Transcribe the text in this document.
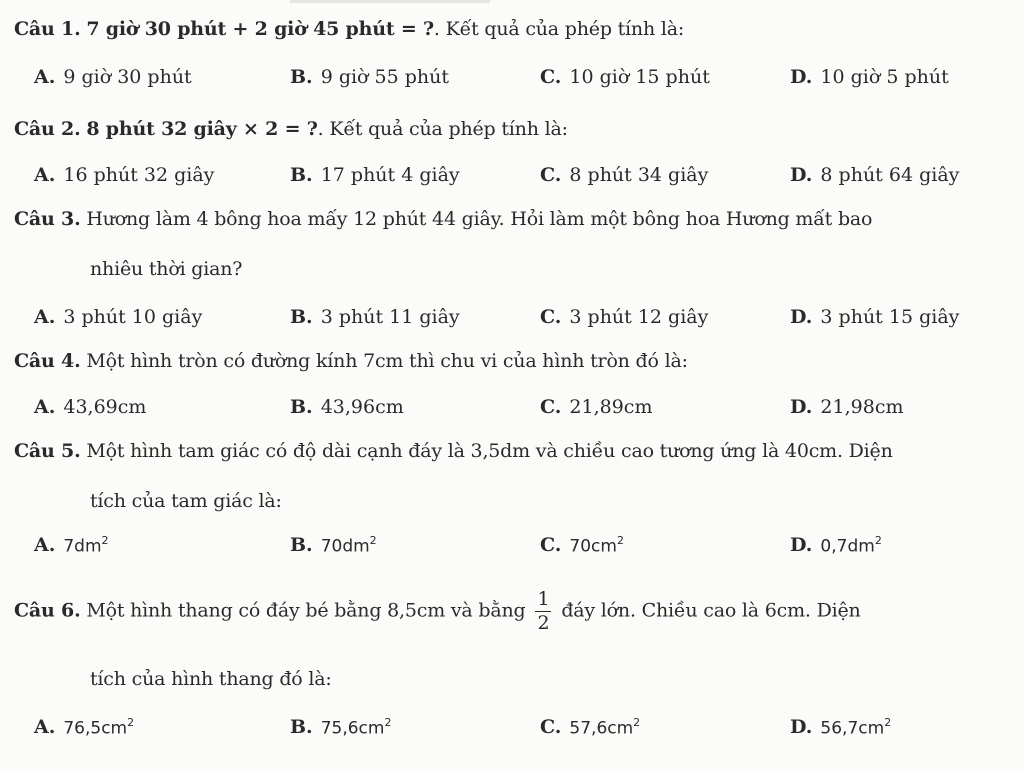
Câu 1. 7 giờ 30 phút + 2 giờ 45 phút = ?. Kết quả của phép tính là:
A. 9 giờ 30 phút	B. 9 giờ 55 phút	C. 10 giờ 15 phút	D. 10 giờ 5 phút
Câu 2. 8 phút 32 giây × 2 = ?. Kết quả của phép tính là:
A. 16 phút 32 giây	B. 17 phút 4 giây	C. 8 phút 34 giây	D. 8 phút 64 giây
Câu 3. Hương làm 4 bông hoa mấy 12 phút 44 giây. Hỏi làm một bông hoa Hương mất bao
nhiêu thời gian?
A. 3 phút 10 giây	B. 3 phút 11 giây	C. 3 phút 12 giây	D. 3 phút 15 giây
Câu 4. Một hình tròn có đường kính 7cm thì chu vi của hình tròn đó là:
A. 43,69cm	B. 43,96cm	C. 21,89cm	D. 21,98cm
Câu 5. Một hình tam giác có độ dài cạnh đáy là 3,5dm và chiều cao tương ứng là 40cm. Diện
tích của tam giác là:
A. $7dm^2$	B. $70dm^2$	C. $70cm^2$	D. $0,7dm^2$
Câu 6. Một hình thang có đáy bé bằng 8,5cm và bằng $\frac{1}{2}$ đáy lớn. Chiều cao là 6cm. Diện
tích của hình thang đó là:
A. $76,5cm^2$	B. $75,6cm^2$	C. $57,6cm^2$	D. $56,7cm^2$
